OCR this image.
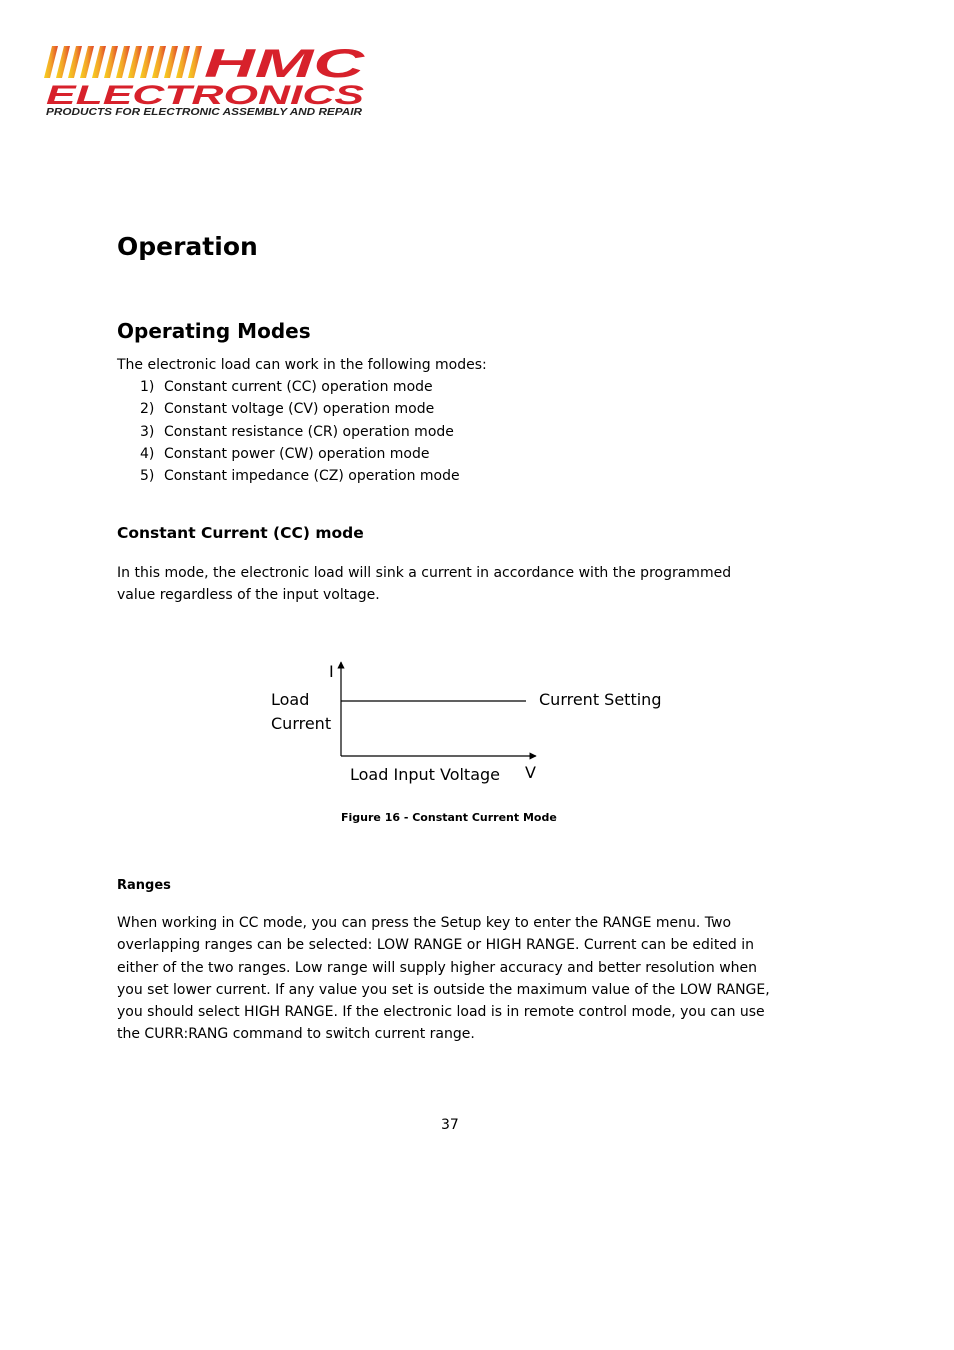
HMC
ELECTRONICS
PRODUCTS FOR ELECTRONIC ASSEMBLY AND REPAIR
Operation
Operating Modes

The electronic load can work in the following modes:

1) Constant current (CC) operation mode
2) Constant voltage (CV) operation mode
3) Constant resistance (CR) operation mode
4) Constant power (CW) operation mode
5) Constant impedance (CZ) operation mode
Constant Current (CC) mode

In this mode, the electronic load will sink a current in accordance with the programmed value regardless of the input voltage.

I
Load
Current
Current Setting
Load Input Voltage V
Figure 16 - Constant Current Mode
Ranges

When working in CC mode, you can press the Setup key to enter the RANGE menu. Two overlapping ranges can be selected: LOW RANGE or HIGH RANGE. Current can be edited in either of the two ranges. Low range will supply higher accuracy and better resolution when you set lower current. If any value you set is outside the maximum value of the LOW RANGE, you should select HIGH RANGE. If the electronic load is in remote control mode, you can use the CURR:RANG command to switch current range.

37
